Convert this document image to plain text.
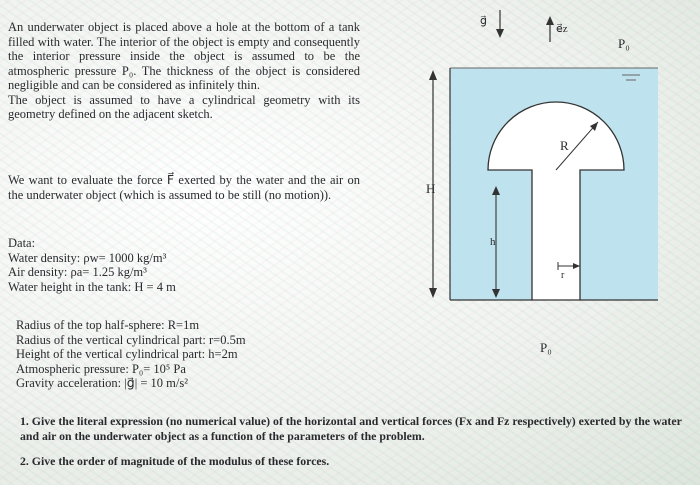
An underwater object is placed above a hole at the bottom of a tank filled with water. The interior of the object is empty and consequently the interior pressure inside the object is assumed to be the atmospheric pressure P₀. The thickness of the object is considered negligible and can be considered as infinitely thin.

The object is assumed to have a cylindrical geometry with its geometry defined on the adjacent sketch.

We want to evaluate the force F⃗ exerted by the water and the air on the underwater object (which is assumed to be still (no motion)).
Data:
Water density: ρw= 1000 kg/m³
Air density: ρa= 1.25 kg/m³
Water height in the tank: H = 4 m
Radius of the top half-sphere: R=1m
Radius of the vertical cylindrical part: r=0.5m
Height of the vertical cylindrical part: h=2m
Atmospheric pressure: P₀= 10⁵ Pa
Gravity acceleration: |g⃗| = 10 m/s²

1. Give the literal expression (no numerical value) of the horizontal and vertical forces (Fx and Fz respectively) exerted by the water and air on the underwater object as a function of the parameters of the problem.

2. Give the order of magnitude of the modulus of these forces.

R
r
H
h
g⃗
e⃗z
P₀
P₀
